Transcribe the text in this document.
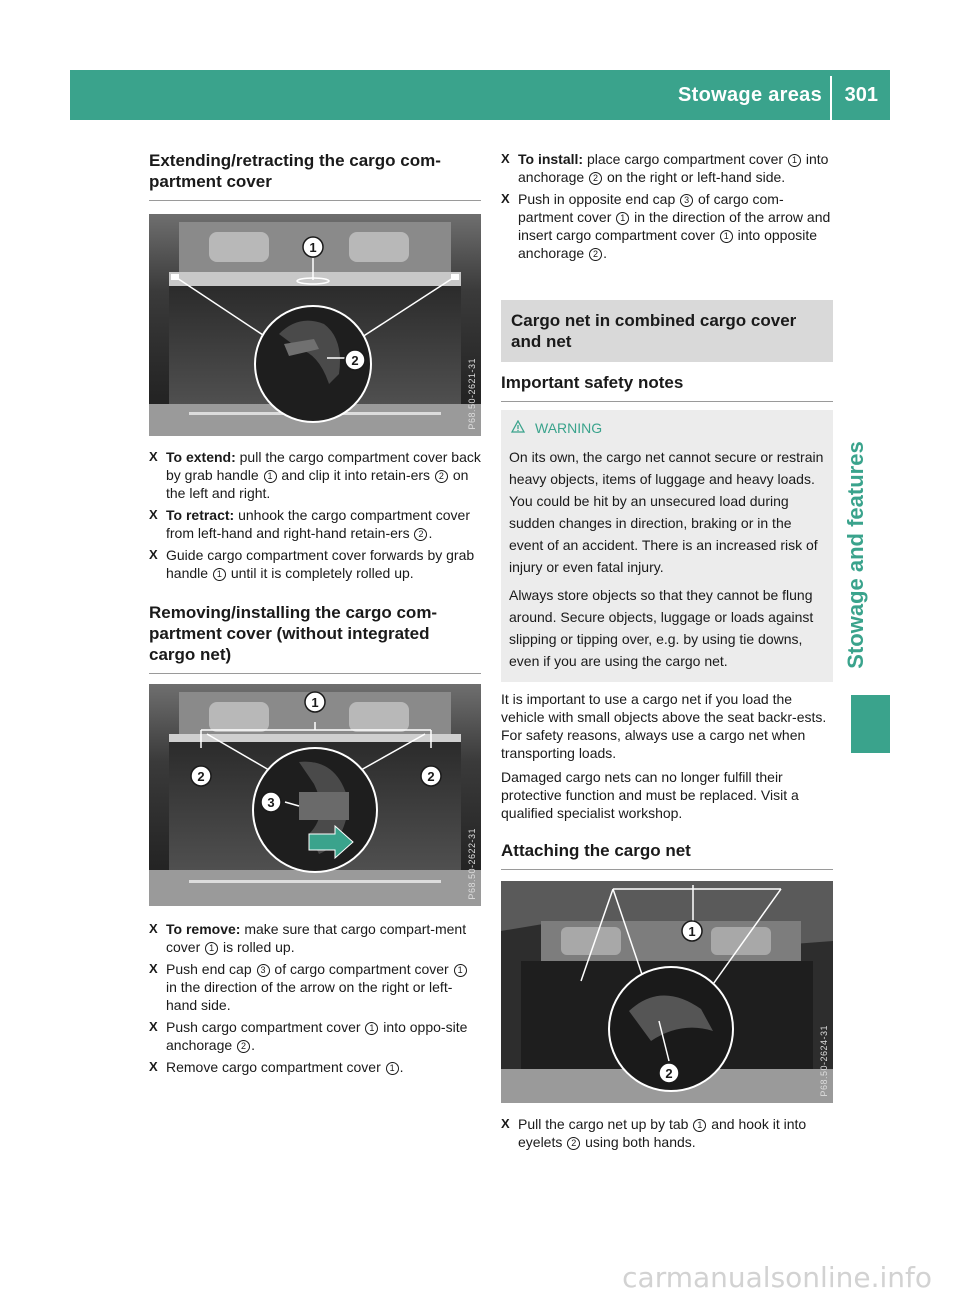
Stowage areas 301
Stowage and features
Extending/retracting the cargo com-
partment cover
1
2	P68.50-2621-31
X To extend: pull the cargo compartment cover back by grab handle 1 and clip it into retain-ers 2 on the left and right.
X To retract: unhook the cargo compartment cover from left-hand and right-hand retain-ers 2 .
X Guide cargo compartment cover forwards by grab handle 1 until it is completely rolled up.
Removing/installing the cargo com-
partment cover (without integrated
cargo net)
1
2	2
3
P68.50-2622-31
X To remove: make sure that cargo compart-ment cover 1 is rolled up.
X Push end cap 3 of cargo compartment cover 1 in the direction of the arrow on the right or left-hand side.
X Push cargo compartment cover 1 into oppo-site anchorage 2 .
X Remove cargo compartment cover 1 .
X To install: place cargo compartment cover 1 into anchorage 2 on the right or left-hand side.
X Push in opposite end cap 3 of cargo com-partment cover 1 in the direction of the arrow and insert cargo compartment cover 1 into opposite anchorage 2 .
Cargo net in combined cargo cover
and net
Important safety notes
WARNING

On its own, the cargo net cannot secure or restrain heavy objects, items of luggage and heavy loads. You could be hit by an unsecured load during sudden changes in direction, braking or in the event of an accident. There is an increased risk of injury or even fatal injury.

Always store objects so that they cannot be flung around. Secure objects, luggage or loads against slipping or tipping over, e.g. by using tie downs, even if you are using the cargo net.

It is important to use a cargo net if you load the vehicle with small objects above the seat backr-ests. For safety reasons, always use a cargo net when transporting loads.

Damaged cargo nets can no longer fulfill their protective function and must be replaced. Visit a qualified specialist workshop.

Attaching the cargo net
1
2	P68.50-2624-31
X Pull the cargo net up by tab 1 and hook it into eyelets 2 using both hands.
carmanualsonline.info
